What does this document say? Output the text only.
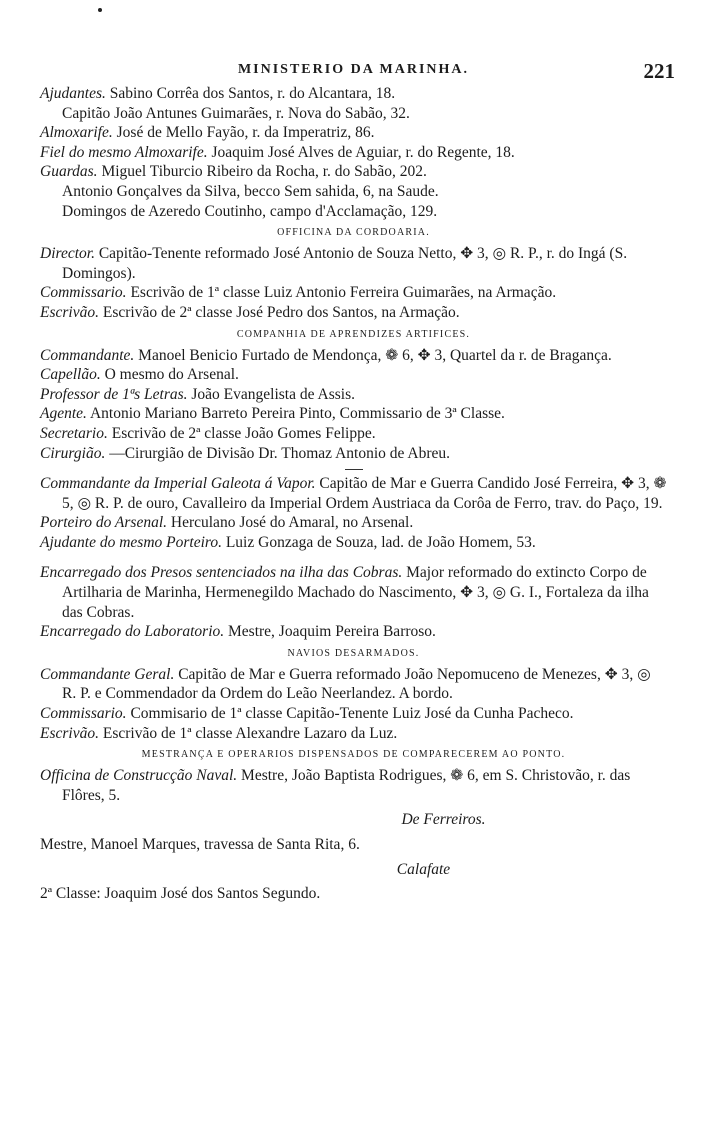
MINISTERIO DA MARINHA.	221

Ajudantes. Sabino Corrêa dos Santos, r. do Alcantara, 18.

Capitão João Antunes Guimarães, r. Nova do Sabão, 32.

Almoxarife. José de Mello Fayão, r. da Imperatriz, 86.

Fiel do mesmo Almoxarife. Joaquim José Alves de Aguiar, r. do Regente, 18.

Guardas. Miguel Tiburcio Ribeiro da Rocha, r. do Sabão, 202.

Antonio Gonçalves da Silva, becco Sem sahida, 6, na Saude.

Domingos de Azeredo Coutinho, campo d'Acclamação, 129.

OFFICINA DA CORDOARIA.

Director. Capitão-Tenente reformado José Antonio de Souza Netto, ✥ 3, ◎ R. P., r. do Ingá (S. Domingos).

Commissario. Escrivão de 1ª classe Luiz Antonio Ferreira Guimarães, na Armação.

Escrivão. Escrivão de 2ª classe José Pedro dos Santos, na Armação.

COMPANHIA DE APRENDIZES ARTIFICES.

Commandante. Manoel Benicio Furtado de Mendonça, ❁ 6, ✥ 3, Quartel da r. de Bragança.

Capellão. O mesmo do Arsenal.

Professor de 1ªs Letras. João Evangelista de Assis.

Agente. Antonio Mariano Barreto Pereira Pinto, Commissario de 3ª Classe.

Secretario. Escrivão de 2ª classe João Gomes Felippe.

Cirurgião. —Cirurgião de Divisão Dr. Thomaz Antonio de Abreu.

Commandante da Imperial Galeota á Vapor. Capitão de Mar e Guerra Candido José Ferreira, ✥ 3, ❁ 5, ◎ R. P. de ouro, Cavalleiro da Imperial Ordem Austriaca da Corôa de Ferro, trav. do Paço, 19.

Porteiro do Arsenal. Herculano José do Amaral, no Arsenal.

Ajudante do mesmo Porteiro. Luiz Gonzaga de Souza, lad. de João Homem, 53.

Encarregado dos Presos sentenciados na ilha das Cobras. Major reformado do extincto Corpo de Artilharia de Marinha, Hermenegildo Machado do Nascimento, ✥ 3, ◎ G. I., Fortaleza da ilha das Cobras.

Encarregado do Laboratorio. Mestre, Joaquim Pereira Barroso.

NAVIOS DESARMADOS.

Commandante Geral. Capitão de Mar e Guerra reformado João Nepomuceno de Menezes, ✥ 3, ◎ R. P. e Commendador da Ordem do Leão Neerlandez. A bordo.

Commissario. Commisario de 1ª classe Capitão-Tenente Luiz José da Cunha Pacheco.

Escrivão. Escrivão de 1ª classe Alexandre Lazaro da Luz.

MESTRANÇA E OPERARIOS DISPENSADOS DE COMPARECEREM AO PONTO.

Officina de Construcção Naval. Mestre, João Baptista Rodrigues, ❁ 6, em S. Christovão, r. das Flôres, 5.

De Ferreiros.

Mestre, Manoel Marques, travessa de Santa Rita, 6.

Calafate

2ª Classe: Joaquim José dos Santos Segundo.
